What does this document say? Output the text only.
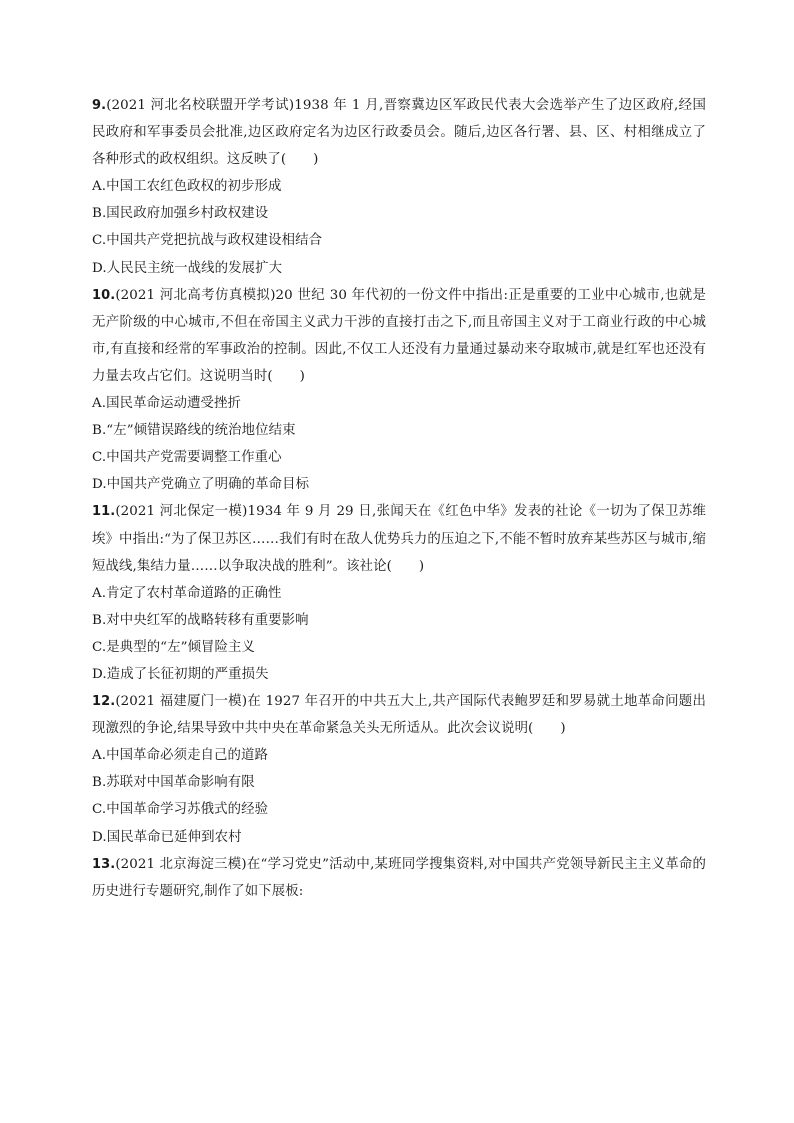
9.(2021 河北名校联盟开学考试)1938 年 1 月,晋察冀边区军政民代表大会选举产生了边区政府,经国民政府和军事委员会批准,边区政府定名为边区行政委员会。随后,边区各行署、县、区、村相继成立了各种形式的政权组织。这反映了(　　)

A.中国工农红色政权的初步形成

B.国民政府加强乡村政权建设

C.中国共产党把抗战与政权建设相结合

D.人民民主统一战线的发展扩大

10.(2021 河北高考仿真模拟)20 世纪 30 年代初的一份文件中指出:正是重要的工业中心城市,也就是无产阶级的中心城市,不但在帝国主义武力干涉的直接打击之下,而且帝国主义对于工商业行政的中心城市,有直接和经常的军事政治的控制。因此,不仅工人还没有力量通过暴动来夺取城市,就是红军也还没有力量去攻占它们。这说明当时(　　)

A.国民革命运动遭受挫折

B.“左”倾错误路线的统治地位结束

C.中国共产党需要调整工作重心

D.中国共产党确立了明确的革命目标

11.(2021 河北保定一模)1934 年 9 月 29 日,张闻天在《红色中华》发表的社论《一切为了保卫苏维埃》中指出:“为了保卫苏区……我们有时在敌人优势兵力的压迫之下,不能不暂时放弃某些苏区与城市,缩短战线,集结力量……以争取决战的胜利”。该社论(　　)

A.肯定了农村革命道路的正确性

B.对中央红军的战略转移有重要影响

C.是典型的“左”倾冒险主义

D.造成了长征初期的严重损失

12.(2021 福建厦门一模)在 1927 年召开的中共五大上,共产国际代表鲍罗廷和罗易就土地革命问题出现激烈的争论,结果导致中共中央在革命紧急关头无所适从。此次会议说明(　　)

A.中国革命必须走自己的道路

B.苏联对中国革命影响有限

C.中国革命学习苏俄式的经验

D.国民革命已延伸到农村

13.(2021 北京海淀三模)在“学习党史”活动中,某班同学搜集资料,对中国共产党领导新民主主义革命的历史进行专题研究,制作了如下展板:
